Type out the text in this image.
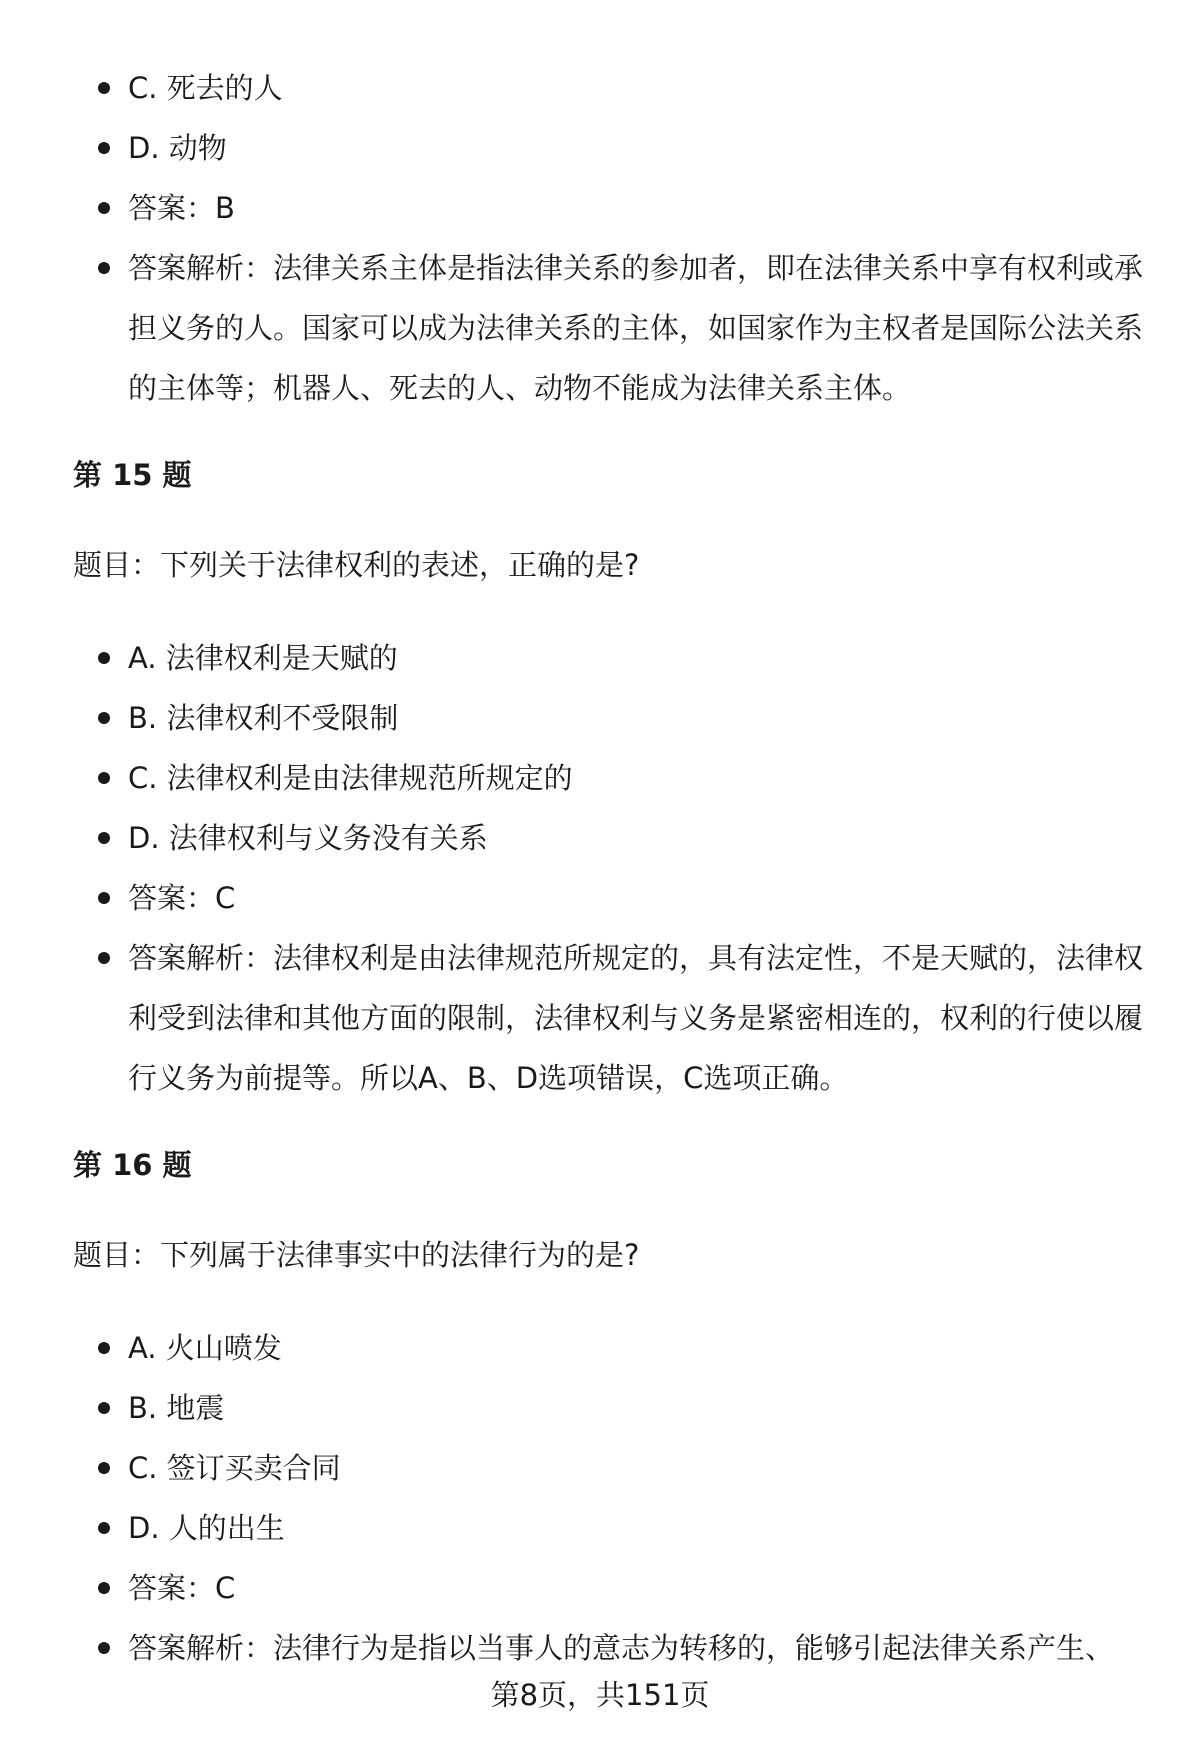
C. 死去的人
D. 动物
答案：B
答案解析：法律关系主体是指法律关系的参加者，即在法律关系中享有权利或承担义务的人。国家可以成为法律关系的主体，如国家作为主权者是国际公法关系的主体等；机器人、死去的人、动物不能成为法律关系主体。
第 15 题

题目：下列关于法律权利的表述，正确的是?

A. 法律权利是天赋的
B. 法律权利不受限制
C. 法律权利是由法律规范所规定的
D. 法律权利与义务没有关系
答案：C
答案解析：法律权利是由法律规范所规定的，具有法定性，不是天赋的，法律权利受到法律和其他方面的限制，法律权利与义务是紧密相连的，权利的行使以履行义务为前提等。所以A、B、D选项错误，C选项正确。
第 16 题

题目：下列属于法律事实中的法律行为的是?

A. 火山喷发
B. 地震
C. 签订买卖合同
D. 人的出生
答案：C
答案解析：法律行为是指以当事人的意志为转移的，能够引起法律关系产生、
第8页，共151页
